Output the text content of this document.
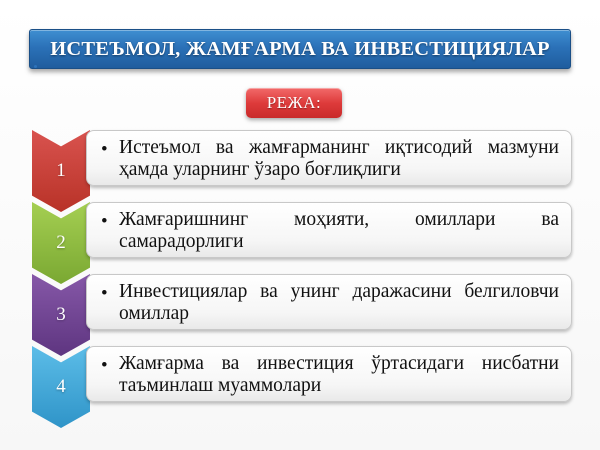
ИСТЕЪМОЛ, ЖАМҒАРМА ВА ИНВЕСТИЦИЯЛАР
РЕЖА:
1
• Истеъмол ва жамғарманинг иқтисодий мазмуни ҳамда уларнинг ўзаро боғлиқлиги
2
• Жамғаришнинг моҳияти, омиллари ва самарадорлиги
3
• Инвестициялар ва унинг даражасини белгиловчи омиллар
4
• Жамғарма ва инвестиция ўртасидаги нисбатни таъминлаш муаммолари
